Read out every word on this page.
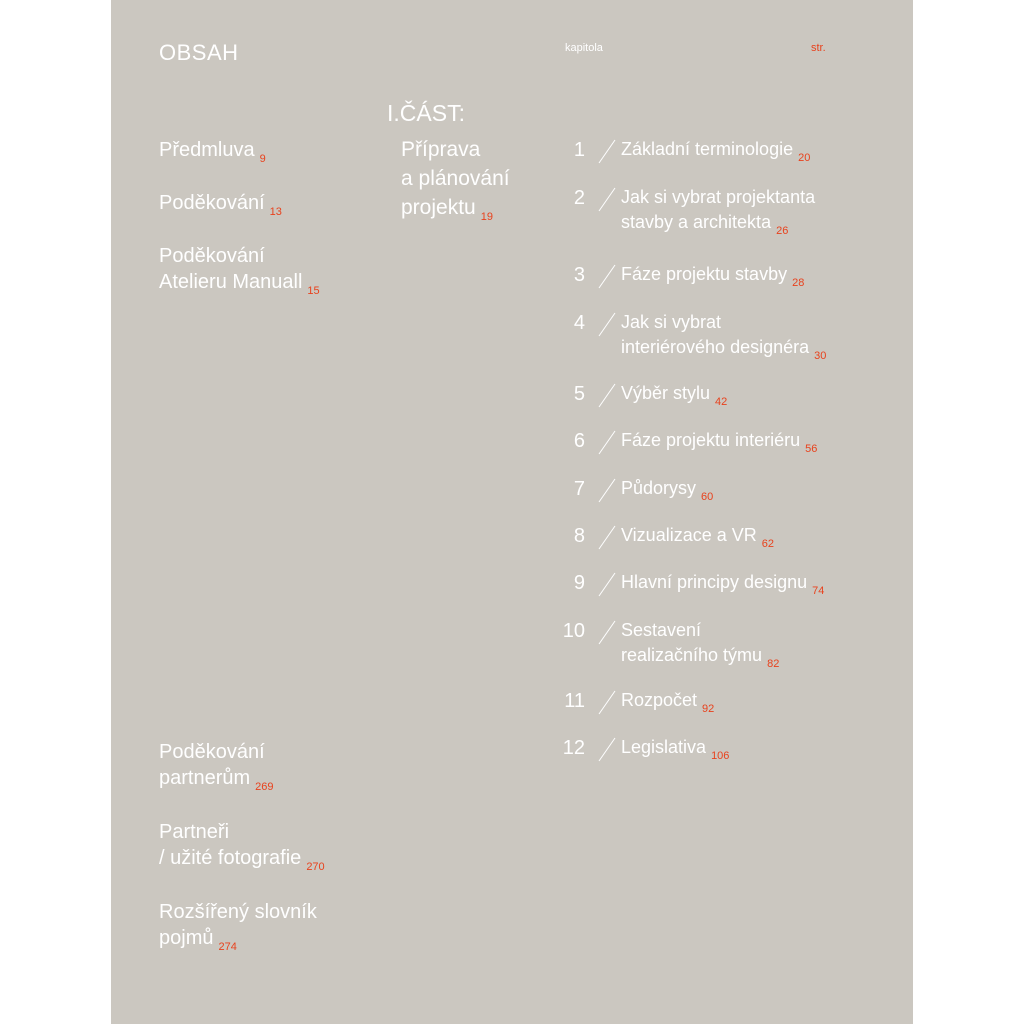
OBSAH	kapitola	str.
Předmluva $_9$
Poděkování $_{13}$
Poděkování
Atelieru Manuall $_{15}$
Poděkování
partnerům $_{269}$
Partneři
/ užité fotografie $_{270}$
Rozšířený slovník
pojmů $_{274}$
I.ČÁST:
Příprava
a plánování
projektu $_{19}$
1 Základní terminologie $_{20}$
2 Jak si vybrat projektanta
stavby a architekta $_{26}$
3 Fáze projektu stavby $_{28}$
4 Jak si vybrat
interiérového designéra $_{30}$
5 Výběr stylu $_{42}$
6 Fáze projektu interiéru $_{56}$
7 Půdorysy $_{60}$
8 Vizualizace a VR $_{62}$
9 Hlavní principy designu $_{74}$
10 Sestavení
realizačního týmu $_{82}$
11 Rozpočet $_{92}$
12 Legislativa $_{106}$
